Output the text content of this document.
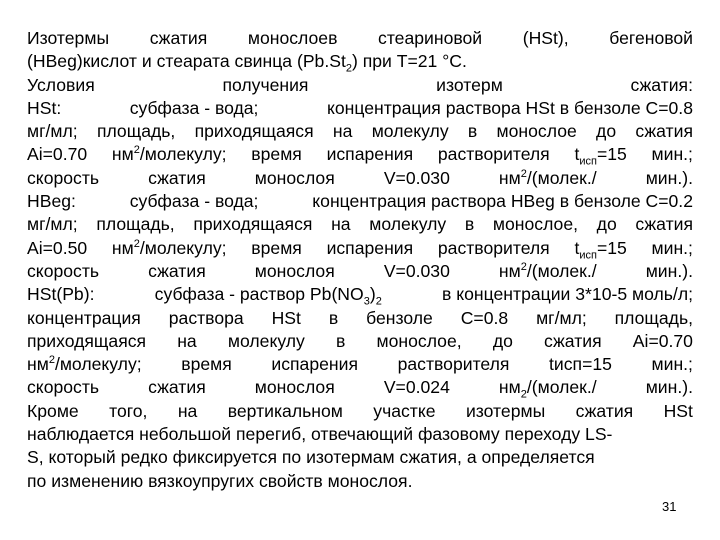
Изотермы сжатия монослоев стеариновой (HSt), бегеновой
(HBeg)кислот и стеарата свинца $(Pb.St_2)$ при T=21 °C.
Условия	получения	изотерм	сжатия:
HSt:	субфаза - вода;	концентрация раствора HSt в бензоле C=0.8
мг/мл; площадь, приходящаяся на молекулу в монослое до сжатия
Ai=0.70 $нм^2$/молекулу; время испарения растворителя $t_{исп}=15$ мин.;
скорость	сжатия	монослоя	V=0.030	$нм^2/(молек./$	мин.).
HBeg:	субфаза - вода;	концентрация раствора HBeg в бензоле C=0.2
мг/мл; площадь, приходящаяся на молекулу в монослое, до сжатия
Ai=0.50 $нм^2$/молекулу; время испарения растворителя $t_{исп}=15$ мин.;
скорость	сжатия	монослоя	V=0.030	$нм^2/(молек./$	мин.).
HSt(Pb):	субфаза - раствор $Pb(NO_3)_2$	в концентрации 3*10-5 моль/л;
концентрация раствора HSt в бензоле C=0.8 мг/мл; площадь,
приходящаяся на молекулу в монослое, до сжатия Ai=0.70
$нм^2$/молекулу; время испарения растворителя tисп=15 мин.;
скорость	сжатия	монослоя	V=0.024	$нм_2/(молек./$	мин.).
Кроме того, на вертикальном участке изотермы сжатия HSt
наблюдается небольшой перегиб, отвечающий фазовому переходу LS-
S, который редко фиксируется по изотермам сжатия, а определяется
по изменению вязкоупругих свойств монослоя.
31
